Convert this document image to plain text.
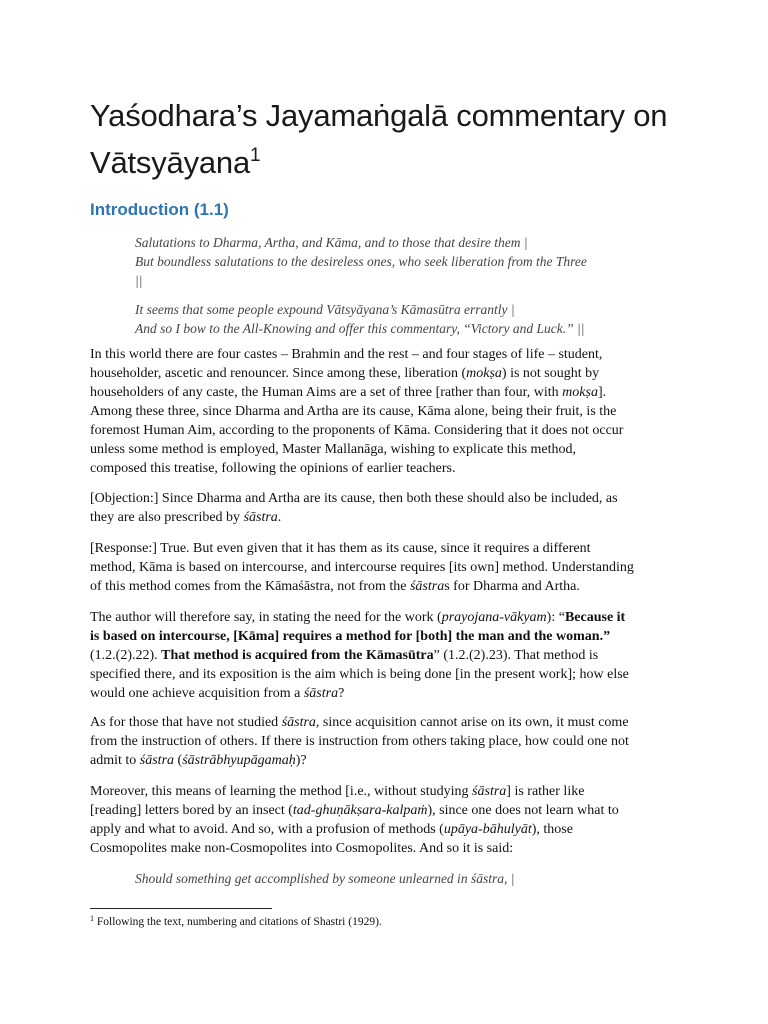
Yaśodhara’s Jayamaṅgalā commentary on
Vātsyāyana$^1$
Introduction (1.1)
Salutations to Dharma, Artha, and Kāma, and to those that desire them |
But boundless salutations to the desireless ones, who seek liberation from the Three
||
It seems that some people expound Vātsyāyana’s Kāmasūtra errantly |
And so I bow to the All-Knowing and offer this commentary, “Victory and Luck.” ||
In this world there are four castes – Brahmin and the rest – and four stages of life – student,
householder, ascetic and renouncer. Since among these, liberation (mokṣa) is not sought by
householders of any caste, the Human Aims are a set of three [rather than four, with mokṣa].
Among these three, since Dharma and Artha are its cause, Kāma alone, being their fruit, is the
foremost Human Aim, according to the proponents of Kāma. Considering that it does not occur
unless some method is employed, Master Mallanāga, wishing to explicate this method,
composed this treatise, following the opinions of earlier teachers.
[Objection:] Since Dharma and Artha are its cause, then both these should also be included, as
they are also prescribed by śāstra.
[Response:] True. But even given that it has them as its cause, since it requires a different
method, Kāma is based on intercourse, and intercourse requires [its own] method. Understanding
of this method comes from the Kāmaśāstra, not from the śāstras for Dharma and Artha.
The author will therefore say, in stating the need for the work (prayojana-vākyam): “Because it
is based on intercourse, [Kāma] requires a method for [both] the man and the woman.”
(1.2.(2).22). That method is acquired from the Kāmasūtra” (1.2.(2).23). That method is
specified there, and its exposition is the aim which is being done [in the present work]; how else
would one achieve acquisition from a śāstra?
As for those that have not studied śāstra, since acquisition cannot arise on its own, it must come
from the instruction of others. If there is instruction from others taking place, how could one not
admit to śāstra (śāstrābhyupāgamaḥ)?
Moreover, this means of learning the method [i.e., without studying śāstra] is rather like
[reading] letters bored by an insect (tad-ghuṇākṣara-kalpaṁ), since one does not learn what to
apply and what to avoid. And so, with a profusion of methods (upāya-bāhulyāt), those
Cosmopolites make non-Cosmopolites into Cosmopolites. And so it is said:
Should something get accomplished by someone unlearned in śāstra, |
$^1$ Following the text, numbering and citations of Shastri (1929).
